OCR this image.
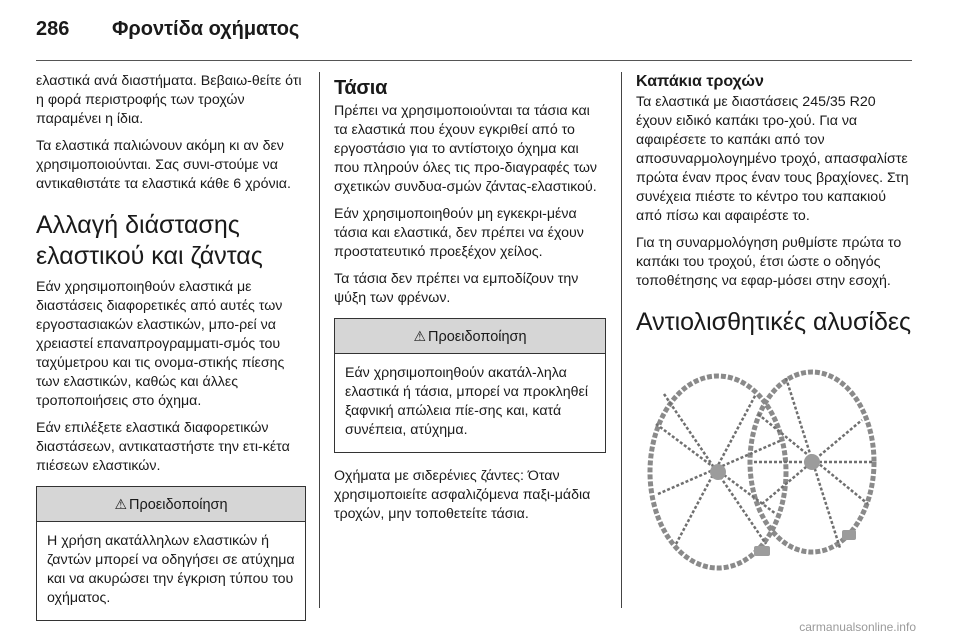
286 Φροντίδα οχήματος

ελαστικά ανά διαστήματα. Βεβαιω-θείτε ότι η φορά περιστροφής των τροχών παραμένει η ίδια.

Τα ελαστικά παλιώνουν ακόμη κι αν δεν χρησιμοποιούνται. Σας συνι-στούμε να αντικαθιστάτε τα ελαστικά κάθε 6 χρόνια.

Αλλαγή διάστασης ελαστικού και ζάντας

Εάν χρησιμοποιηθούν ελαστικά με διαστάσεις διαφορετικές από αυτές των εργοστασιακών ελαστικών, μπο-ρεί να χρειαστεί επαναπρογραμματι-σμός του ταχύμετρου και τις ονομα-στικής πίεσης των ελαστικών, καθώς και άλλες τροποποιήσεις στο όχημα.

Εάν επιλέξετε ελαστικά διαφορετικών διαστάσεων, αντικαταστήστε την ετι-κέτα πιέσεων ελαστικών.

⚠ Προειδοποίηση
Η χρήση ακατάλληλων ελαστικών ή ζαντών μπορεί να οδηγήσει σε ατύχημα και να ακυρώσει την έγκριση τύπου του οχήματος.
Τάσια

Πρέπει να χρησιμοποιούνται τα τάσια και τα ελαστικά που έχουν εγκριθεί από το εργοστάσιο για το αντίστοιχο όχημα και που πληρούν όλες τις προ-διαγραφές των σχετικών συνδυα-σμών ζάντας-ελαστικού.

Εάν χρησιμοποιηθούν μη εγκεκρι-μένα τάσια και ελαστικά, δεν πρέπει να έχουν προστατευτικό προεξέχον χείλος.

Τα τάσια δεν πρέπει να εμποδίζουν την ψύξη των φρένων.

⚠ Προειδοποίηση
Εάν χρησιμοποιηθούν ακατάλ-ληλα ελαστικά ή τάσια, μπορεί να προκληθεί ξαφνική απώλεια πίε-σης και, κατά συνέπεια, ατύχημα.

Οχήματα με σιδερένιες ζάντες: Όταν χρησιμοποιείτε ασφαλιζόμενα παξι-μάδια τροχών, μην τοποθετείτε τάσια.

Καπάκια τροχών

Τα ελαστικά με διαστάσεις 245/35 R20 έχουν ειδικό καπάκι τρο-χού. Για να αφαιρέσετε το καπάκι από τον αποσυναρμολογημένο τροχό, απασφαλίστε πρώτα έναν προς έναν τους βραχίονες. Στη συνέχεια πιέστε το κέντρο του καπακιού από πίσω και αφαιρέστε το.

Για τη συναρμολόγηση ρυθμίστε πρώτα το καπάκι του τροχού, έτσι ώστε ο οδηγός τοποθέτησης να εφαρ-μόσει στην εσοχή.

Αντιολισθητικές αλυσίδες
carmanualsonline.info
